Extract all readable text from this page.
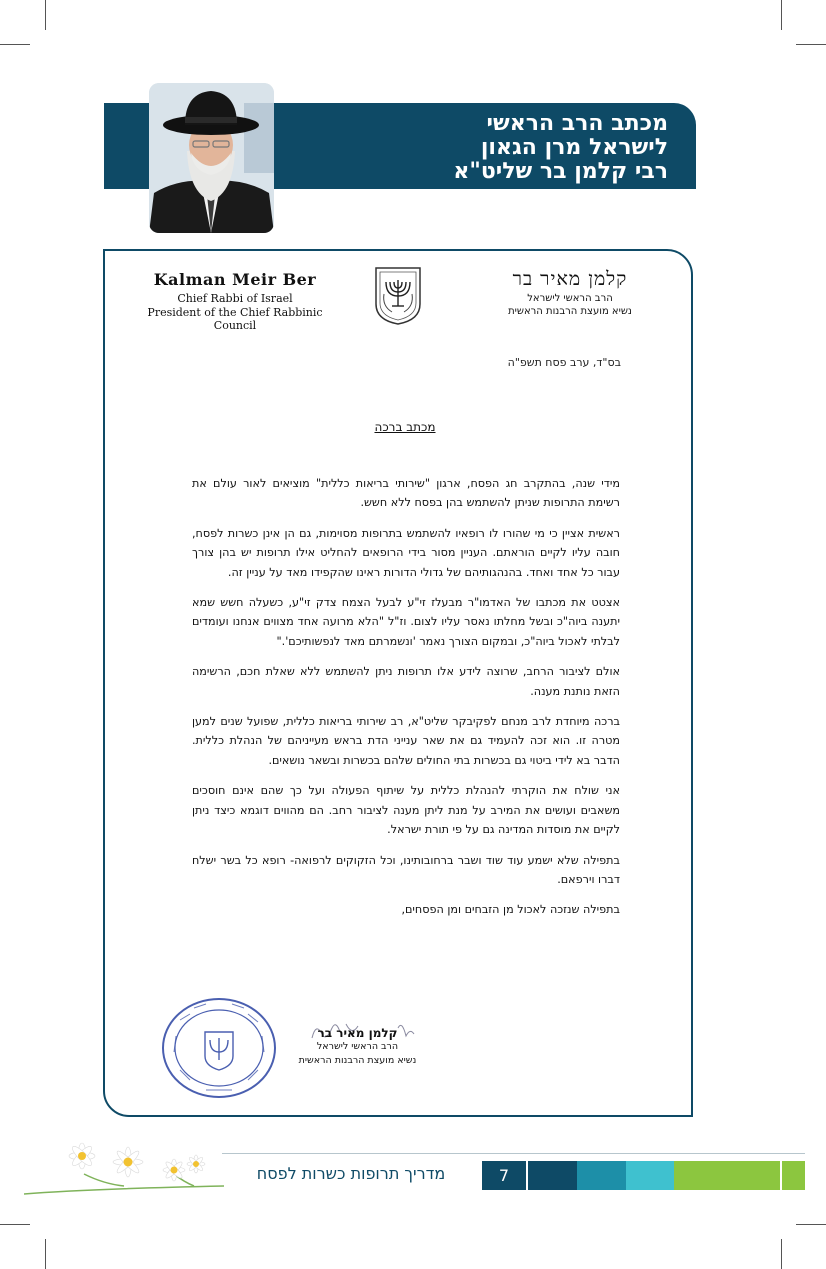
מכתב הרב הראשי
לישראל מרן הגאון
רבי קלמן בר שליט"א
Kalman Meir Ber
Chief Rabbi of Israel
President of the Chief Rabbinic Council
קלמן מאיר בר
הרב הראשי לישראל
נשיא מועצת הרבנות הראשית
בס"ד, ערב פסח תשפ"ה
מכתב ברכה

מידי שנה, בהתקרב חג הפסח, ארגון "שירותי בריאות כללית" מוציאים לאור עולם את רשימת התרופות שניתן להשתמש בהן בפסח ללא חשש.

ראשית אציין כי מי שהורו לו רופאיו להשתמש בתרופות מסוימות, גם הן אינן כשרות לפסח, חובה עליו לקיים הוראתם. העניין מסור בידי הרופאים להחליט אילו תרופות יש בהן צורך עבור כל אחד ואחד. בהנהגותיהם של גדולי הדורות ראינו שהקפידו מאד על עניין זה.

אצטט את מכתבו של האדמו"ר מבעלז זי"ע לבעל הצמח צדק זי"ע, כשעלה חשש שמא יתענה ביוה"כ ובשל מחלתו נאסר עליו לצום. וז"ל "הלא מרועה אחד מצווים אנחנו ועומדים לבלתי לאכול ביוה"כ, ובמקום הצורך נאמר 'ונשמרתם מאד לנפשותיכם'."

אולם לציבור הרחב, שרוצה לידע אלו תרופות ניתן להשתמש ללא שאלת חכם, הרשימה הזאת נותנת מענה.

ברכה מיוחדת לרב מנחם לפקיבקר שליט"א, רב שירותי בריאות כללית, שפועל שנים למען מטרה זו. הוא זכה להעמיד גם את שאר ענייני הדת בראש מעייניהם של הנהלת כללית. הדבר בא לידי ביטוי גם בכשרות בתי החולים שלהם בכשרות ובשאר נושאים.

אני שולח את הוקרתי להנהלת כללית על שיתוף הפעולה ועל כך שהם אינם חוסכים משאבים ועושים את המירב על מנת ליתן מענה לציבור רחב. הם מהווים דוגמא כיצד ניתן לקיים את מוסדות המדינה גם על פי תורת ישראל.

בתפילה שלא ישמע עוד שוד ושבר ברחובותינו, וכל הזקוקים לרפואה- רופא כל בשר ישלח דברו וירפאם.

בתפילה שנזכה לאכול מן הזבחים ומן הפסחים,

קלמן מאיר בר
הרב הראשי לישראל
נשיא מועצת הרבנות הראשית
מדריך תרופות כשרות לפסח	7
